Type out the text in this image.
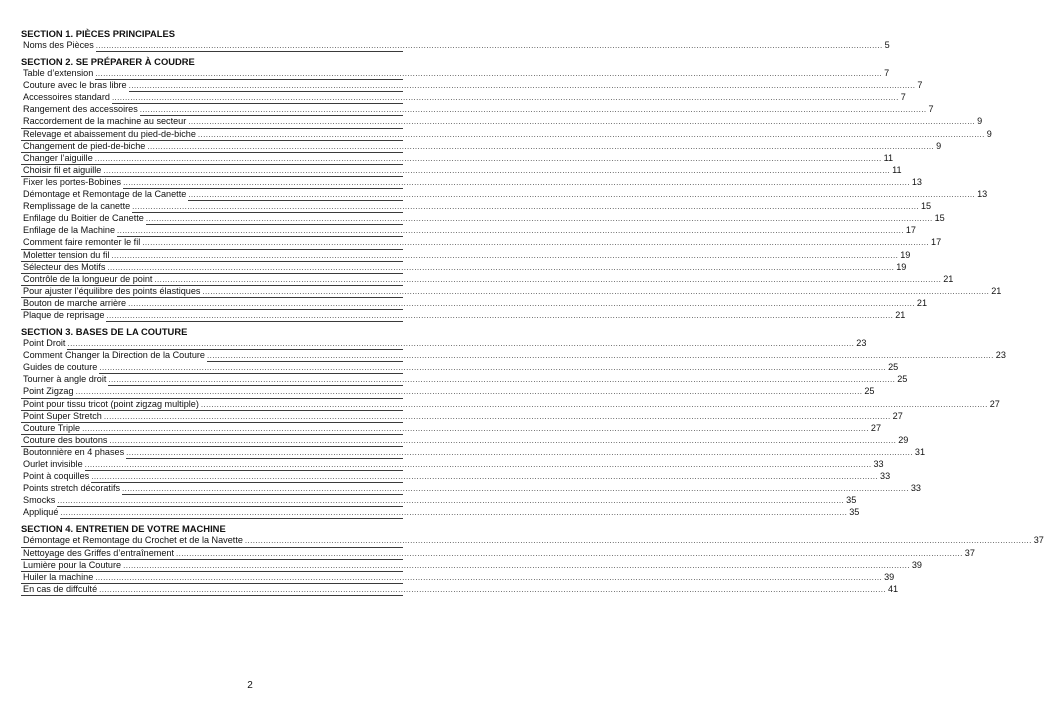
SECTION 1. PIÈCES PRINCIPALES
Noms des Pièces ............................................................................................................................................................................................................................................................................................................ 5
SECTION 2. SE PRÉPARER À COUDRE
Table d’extension ............................................................................................................................................................................................................................................................................................................ 7
Couture avec le bras libre ............................................................................................................................................................................................................................................................................................................ 7
Accessoires standard ............................................................................................................................................................................................................................................................................................................ 7
Rangement des accessoires ............................................................................................................................................................................................................................................................................................................ 7
Raccordement de la machine au secteur ............................................................................................................................................................................................................................................................................................................ 9
Relevage et abaissement du pied-de-biche ............................................................................................................................................................................................................................................................................................................ 9
Changement de pied-de-biche ............................................................................................................................................................................................................................................................................................................ 9
Changer l’aiguille ............................................................................................................................................................................................................................................................................................................ 11
Choisir fil et aiguille ............................................................................................................................................................................................................................................................................................................ 11
Fixer les portes-Bobines ............................................................................................................................................................................................................................................................................................................ 13
Démontage et Remontage de la Canette ............................................................................................................................................................................................................................................................................................................ 13
Remplissage de la canette ............................................................................................................................................................................................................................................................................................................ 15
Enfilage du Boitier de Canette ............................................................................................................................................................................................................................................................................................................ 15
Enfilage de la Machine ............................................................................................................................................................................................................................................................................................................ 17
Comment faire remonter le fil ............................................................................................................................................................................................................................................................................................................ 17
Moletter tension du fil ............................................................................................................................................................................................................................................................................................................ 19
Sélecteur des Motifs ............................................................................................................................................................................................................................................................................................................ 19
Contrôle de la longueur de point ............................................................................................................................................................................................................................................................................................................ 21
Pour ajuster l’équilibre des points élastiques ............................................................................................................................................................................................................................................................................................................ 21
Bouton de marche arrière ............................................................................................................................................................................................................................................................................................................ 21
Plaque de reprisage ............................................................................................................................................................................................................................................................................................................ 21
SECTION 3. BASES DE LA COUTURE
Point Droit ............................................................................................................................................................................................................................................................................................................ 23
Comment Changer la Direction de la Couture ............................................................................................................................................................................................................................................................................................................ 23
Guides de couture ............................................................................................................................................................................................................................................................................................................ 25
Tourner à angle droit ............................................................................................................................................................................................................................................................................................................ 25
Point Zigzag ............................................................................................................................................................................................................................................................................................................ 25
Point pour tissu tricot (point zigzag multiple) ............................................................................................................................................................................................................................................................................................................ 27
Point Super Stretch ............................................................................................................................................................................................................................................................................................................ 27
Couture Triple ............................................................................................................................................................................................................................................................................................................ 27
Couture des boutons ............................................................................................................................................................................................................................................................................................................ 29
Boutonnière en 4 phases ............................................................................................................................................................................................................................................................................................................ 31
Ourlet invisible ............................................................................................................................................................................................................................................................................................................ 33
Point à coquilles ............................................................................................................................................................................................................................................................................................................ 33
Points stretch décoratifs ............................................................................................................................................................................................................................................................................................................ 33
Smocks ............................................................................................................................................................................................................................................................................................................ 35
Appliqué ............................................................................................................................................................................................................................................................................................................ 35
SECTION 4. ENTRETIEN DE VOTRE MACHINE
Démontage et Remontage du Crochet et de la Navette ............................................................................................................................................................................................................................................................................................................ 37
Nettoyage des Griffes d’entraînement ............................................................................................................................................................................................................................................................................................................ 37
Lumière pour la Couture ............................................................................................................................................................................................................................................................................................................ 39
Huiler la machine ............................................................................................................................................................................................................................................................................................................ 39
En cas de diffculté ............................................................................................................................................................................................................................................................................................................ 41
2
